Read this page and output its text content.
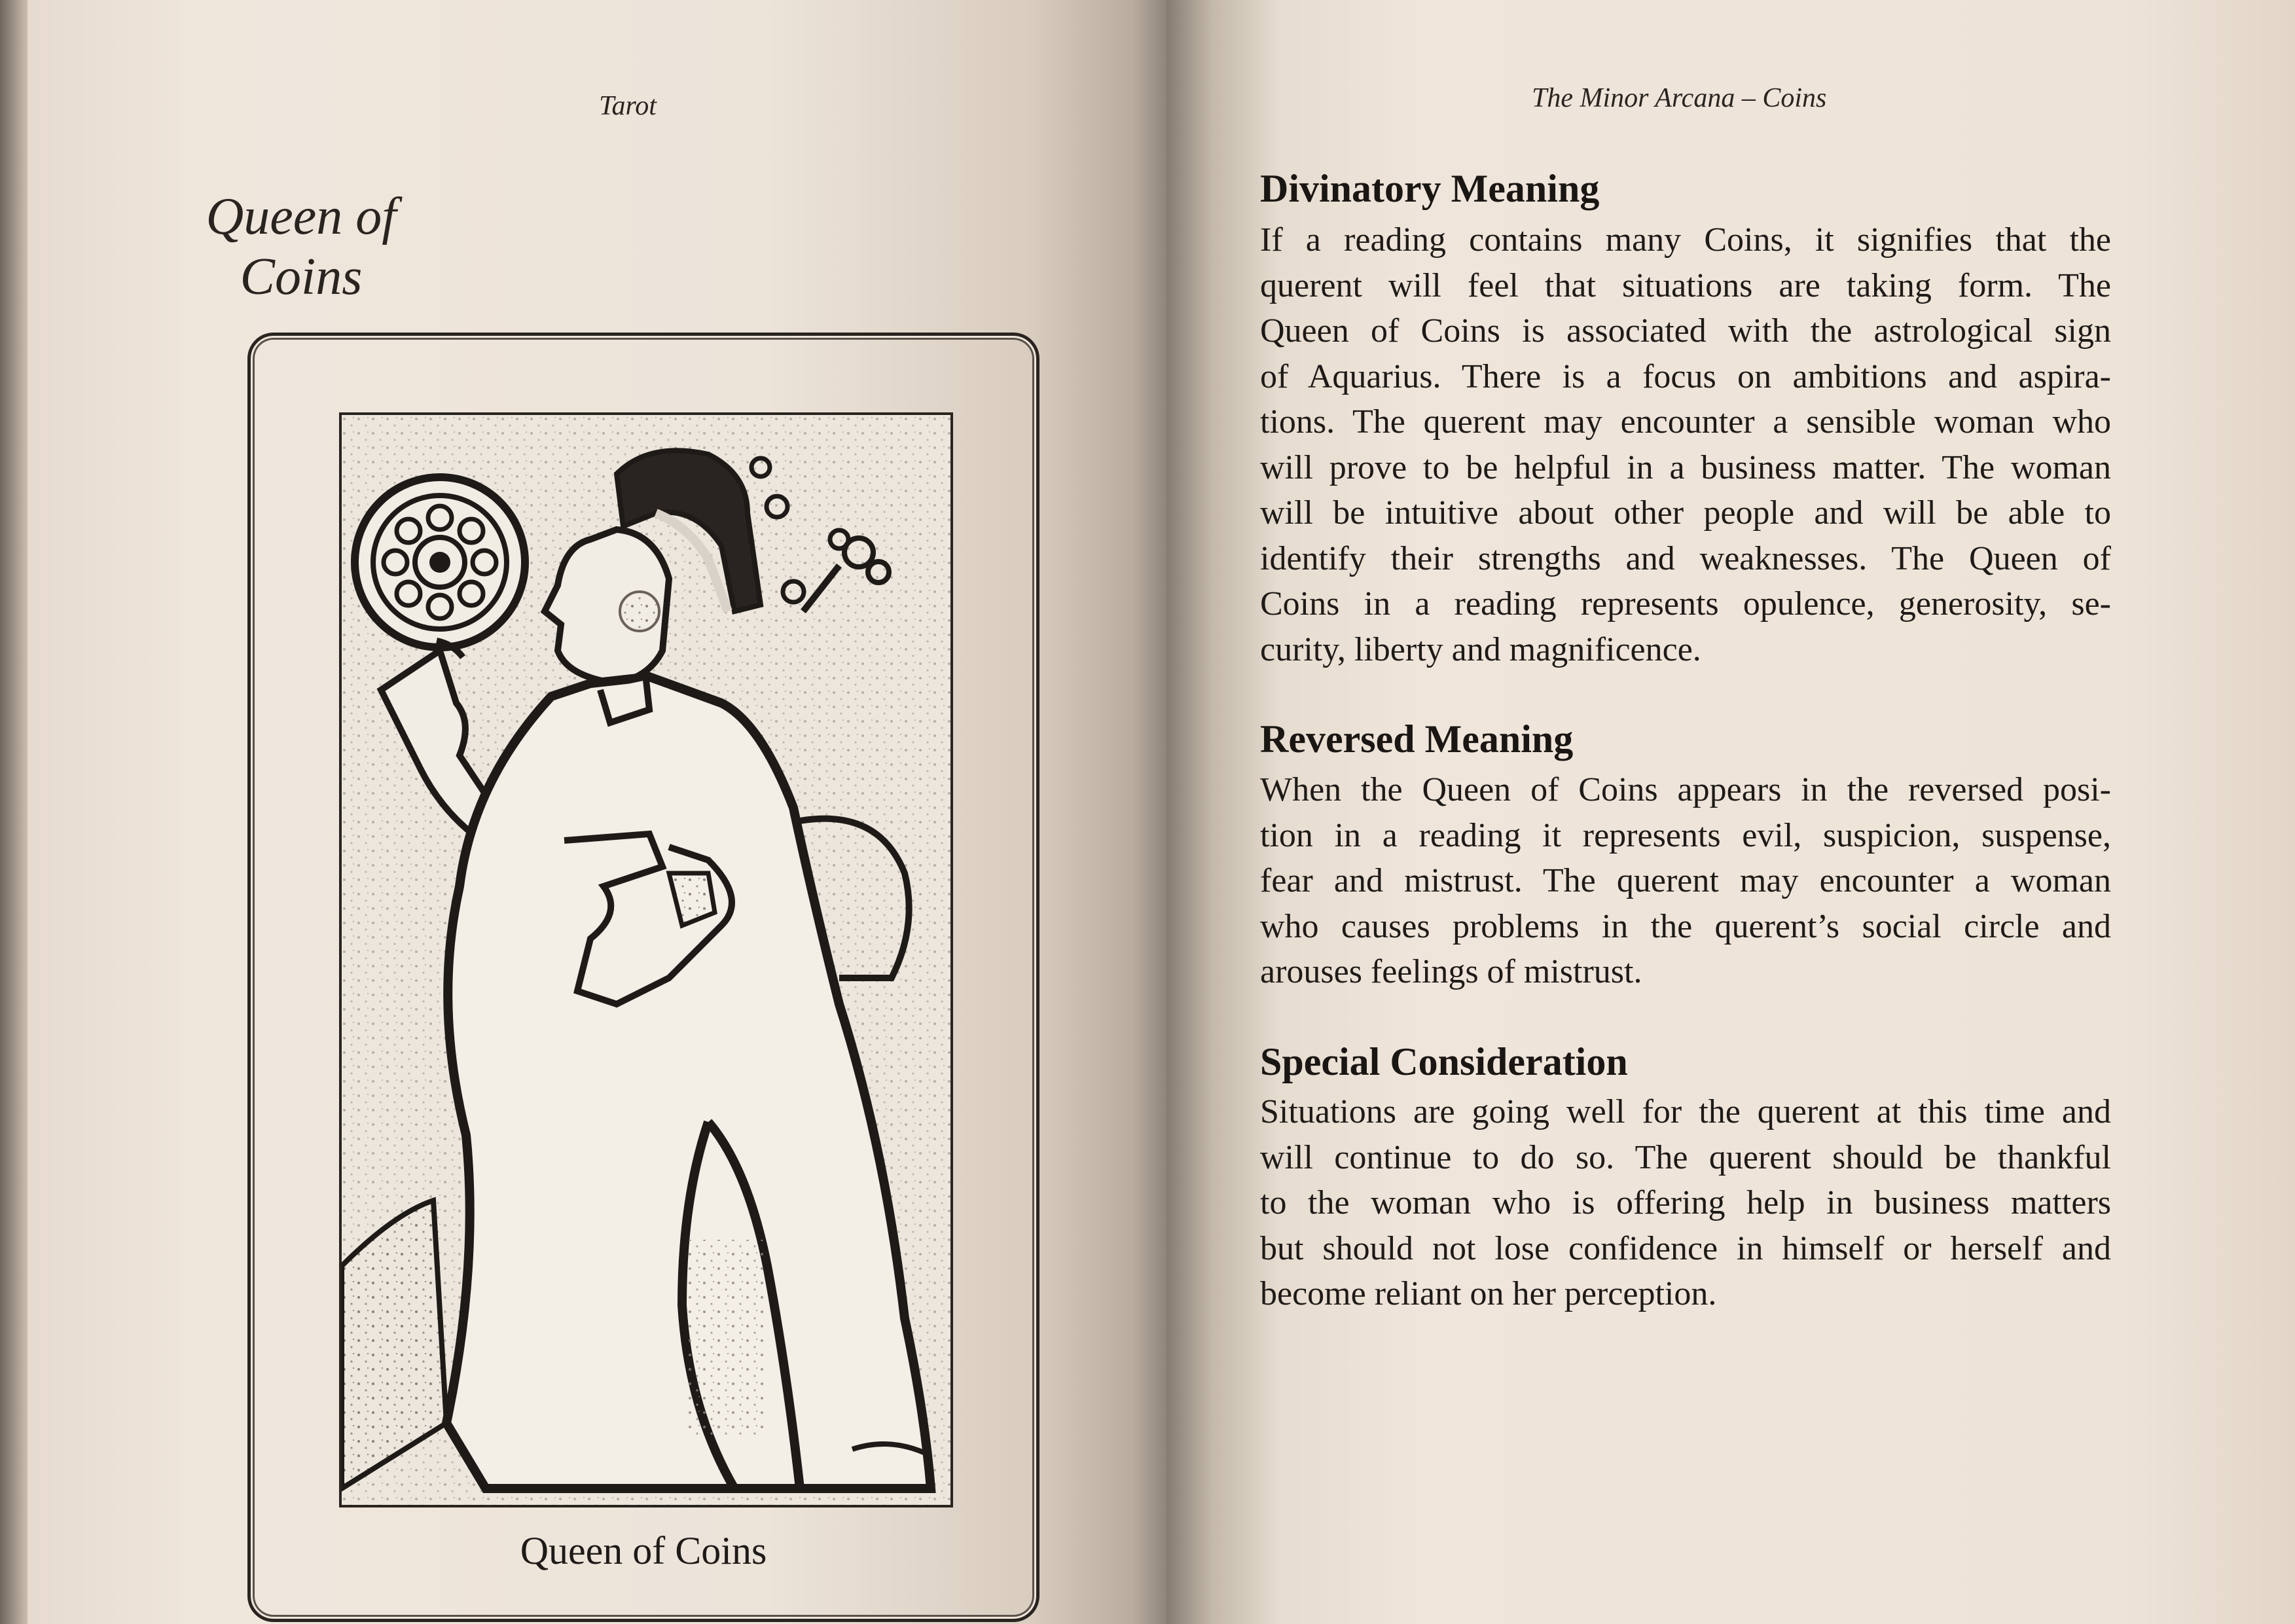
Tarot	The Minor Arcana – Coins
Queen of
Coins
Queen of Coins
Divinatory Meaning
If a reading contains many Coins, it signifies that the
querent will feel that situations are taking form. The
Queen of Coins is associated with the astrological sign
of Aquarius. There is a focus on ambitions and aspira-
tions. The querent may encounter a sensible woman who
will prove to be helpful in a business matter. The woman
will be intuitive about other people and will be able to
identify their strengths and weaknesses. The Queen of
Coins in a reading represents opulence, generosity, se-
curity, liberty and magnificence.
Reversed Meaning
When the Queen of Coins appears in the reversed posi-
tion in a reading it represents evil, suspicion, suspense,
fear and mistrust. The querent may encounter a woman
who causes problems in the querent’s social circle and
arouses feelings of mistrust.
Special Consideration
Situations are going well for the querent at this time and
will continue to do so. The querent should be thankful
to the woman who is offering help in business matters
but should not lose confidence in himself or herself and
become reliant on her perception.
